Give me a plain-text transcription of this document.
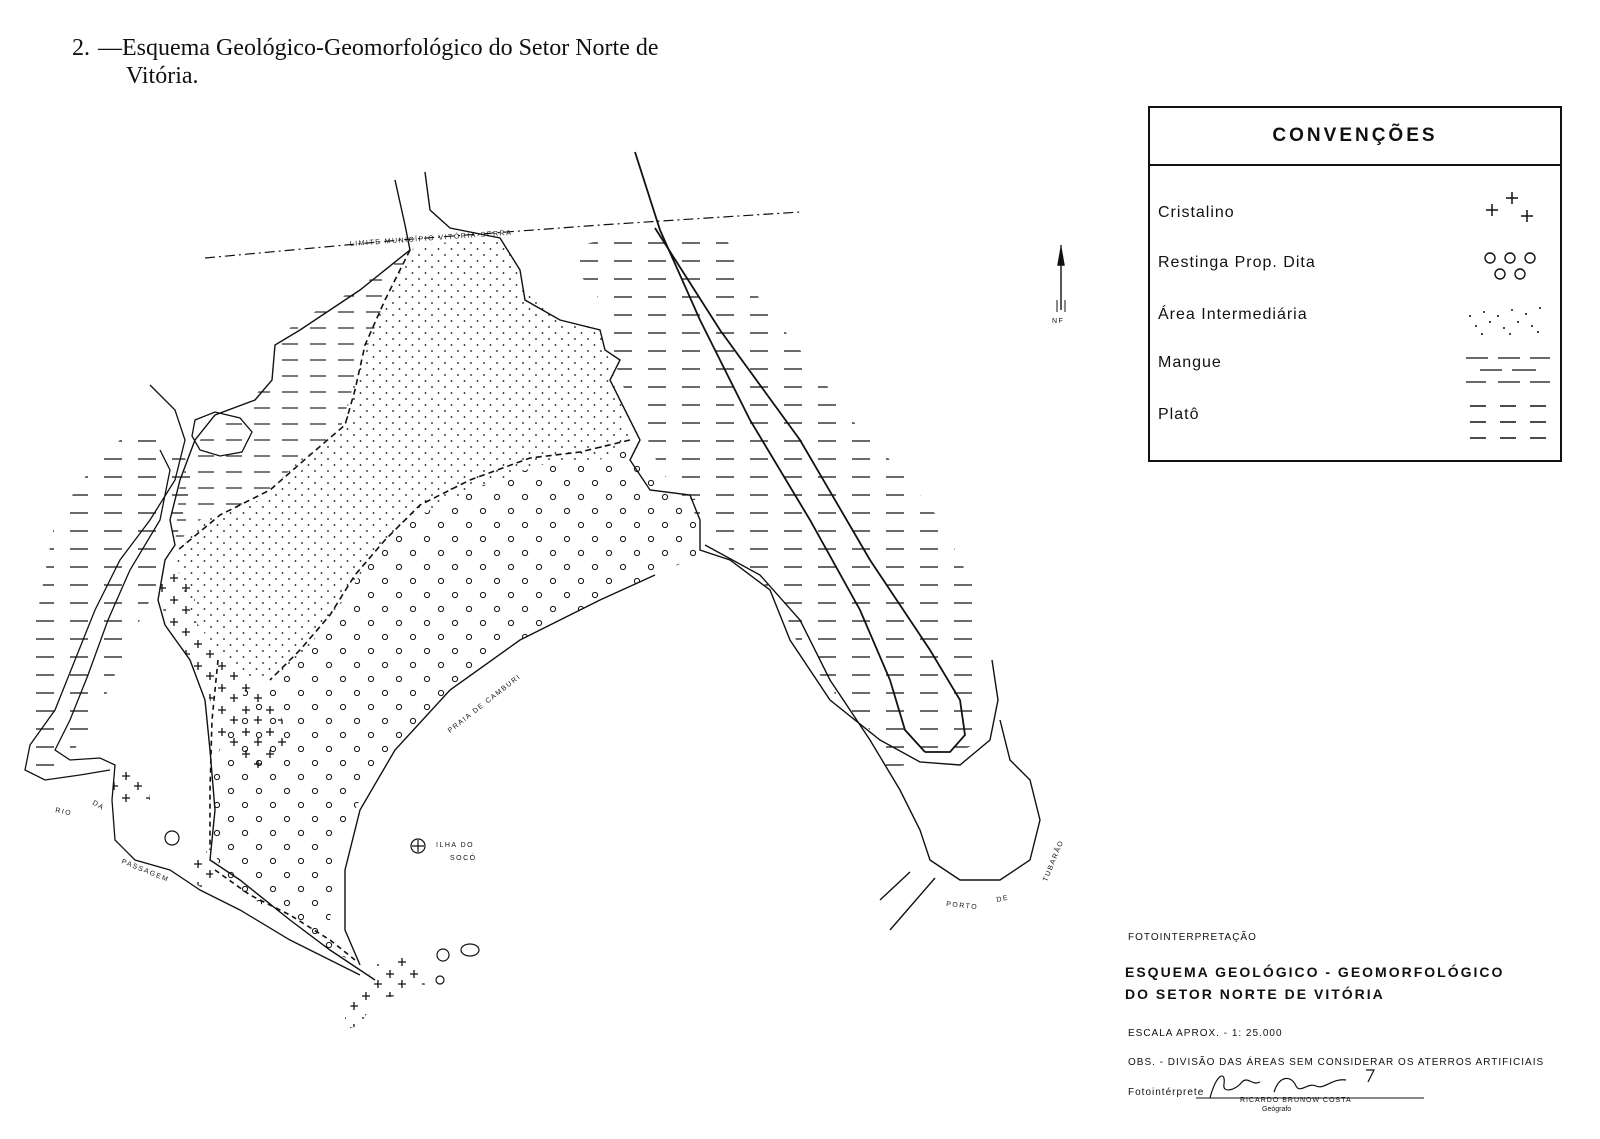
2. —Esquema Geológico-Geomorfológico do Setor Norte de
Vitória.
LIMITE MUNICÍPIO VITÓRIA-SERRA
RIO
DA
PASSAGEM
PRAIA DE CAMBURI
ILHA DO
SOCÓ
PORTO
DE
TUBARÃO
NF
CONVENÇÕES
Cristalino
Restinga Prop. Dita
Área Intermediária
Mangue
Platô
FOTOINTERPRETAÇÃO
ESQUEMA GEOLÓGICO - GEOMORFOLÓGICO
DO SETOR NORTE DE VITÓRIA
ESCALA APROX. - 1: 25.000
OBS. - DIVISÃO DAS ÁREAS SEM CONSIDERAR OS ATERROS ARTIFICIAIS
Fotointérprete
RICARDO BRUNOW COSTA
Geógrafo
